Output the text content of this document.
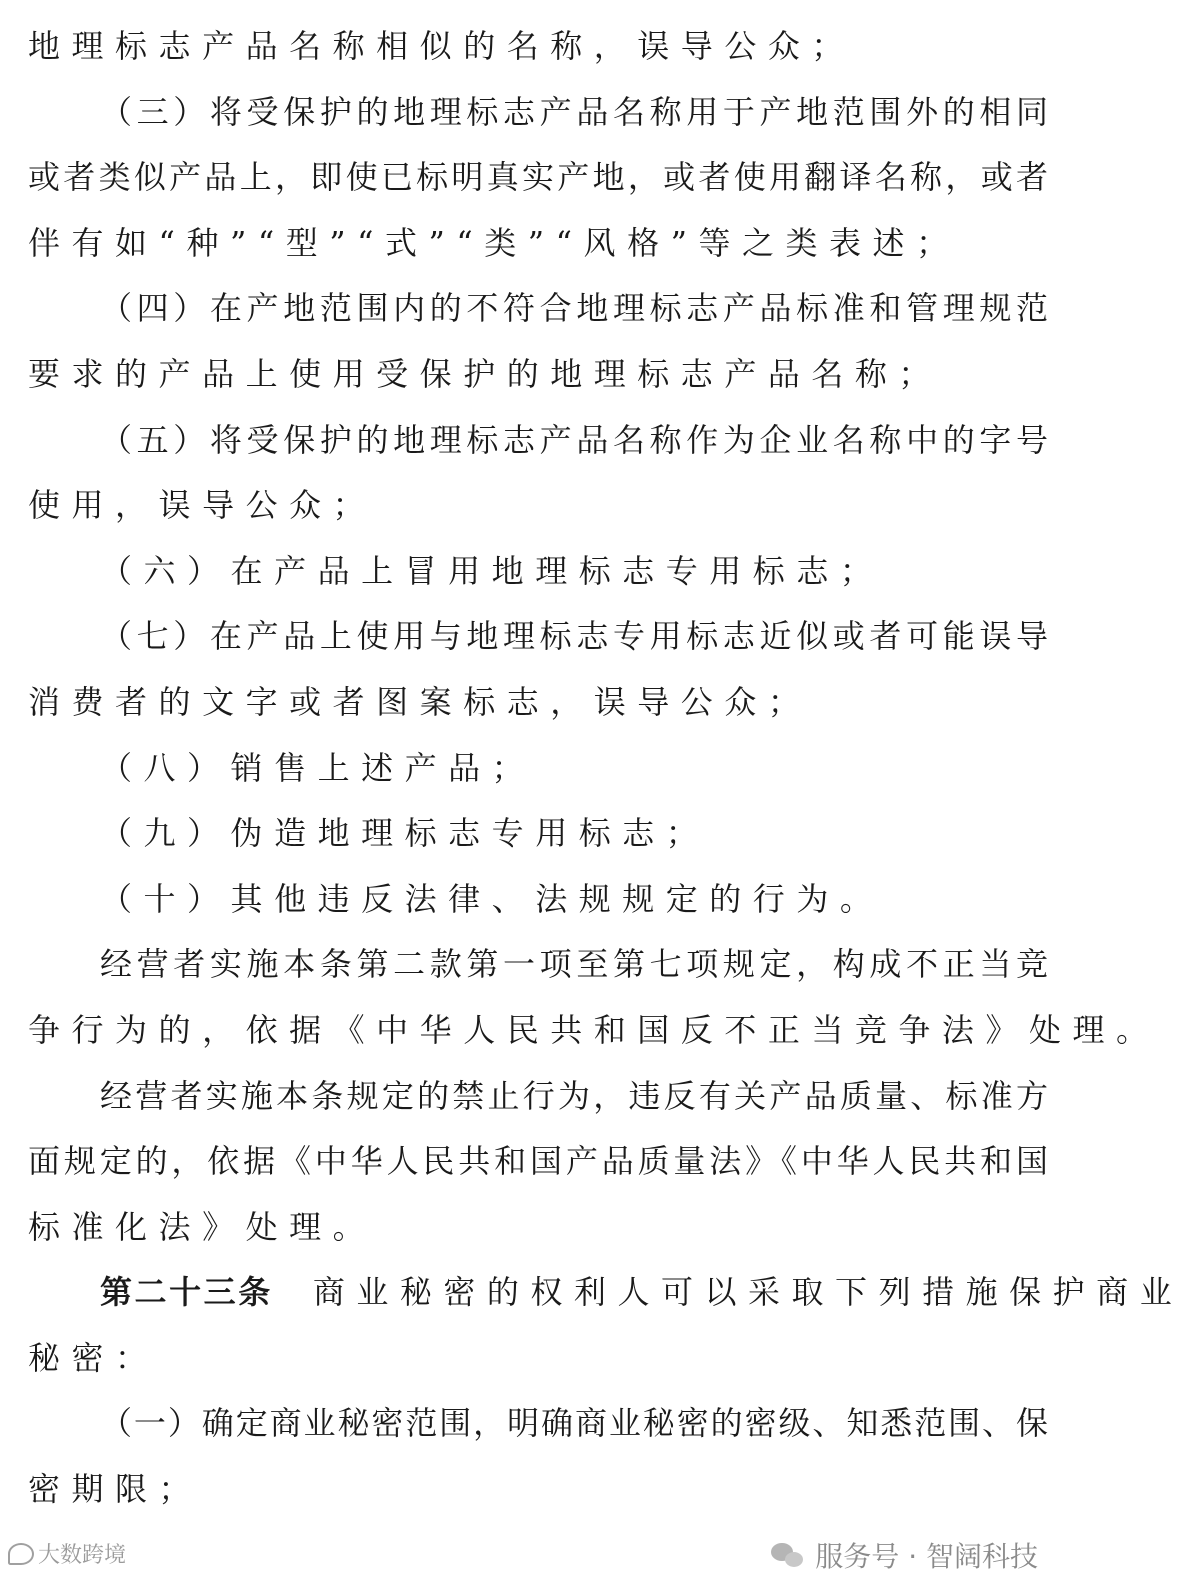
地理标志产品名称相似的名称，误导公众；
（三）将受保护的地理标志产品名称用于产地范围外的相同
或者类似产品上，即使已标明真实产地，或者使用翻译名称，或者
伴有如“种”“型”“式”“类”“风格”等之类表述；
（四）在产地范围内的不符合地理标志产品标准和管理规范
要求的产品上使用受保护的地理标志产品名称；
（五）将受保护的地理标志产品名称作为企业名称中的字号
使用，误导公众；
（六）在产品上冒用地理标志专用标志；
（七）在产品上使用与地理标志专用标志近似或者可能误导
消费者的文字或者图案标志，误导公众；
（八）销售上述产品；
（九）伪造地理标志专用标志；
（十）其他违反法律、法规规定的行为。
经营者实施本条第二款第一项至第七项规定，构成不正当竞
争行为的，依据《中华人民共和国反不正当竞争法》处理。
经营者实施本条规定的禁止行为，违反有关产品质量、标准方
面规定的，依据《中华人民共和国产品质量法》《中华人民共和国
标准化法》处理。
第二十三条 商业秘密的权利人可以采取下列措施保护商业
秘密：
（一）确定商业秘密范围，明确商业秘密的密级、知悉范围、保
密期限；
大数跨境	服务号 · 智阔科技
